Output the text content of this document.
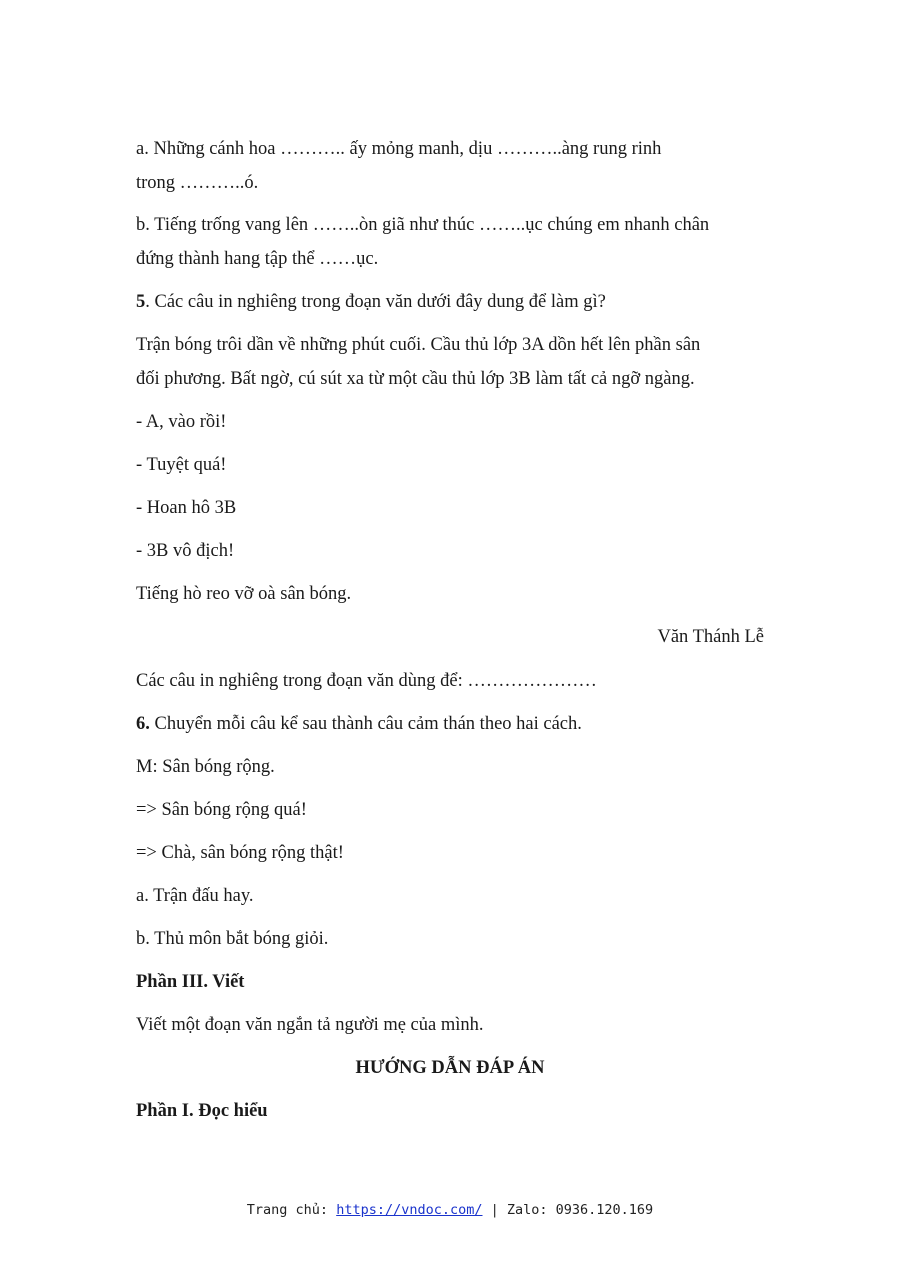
a. Những cánh hoa ……….. ấy mỏng manh, dịu ………..àng rung rinh
trong ………..ó.
b. Tiếng trống vang lên ……..òn giã như thúc ……..ục chúng em nhanh chân
đứng thành hang tập thể ……ục.
5. Các câu in nghiêng trong đoạn văn dưới đây dung để làm gì?
Trận bóng trôi dần về những phút cuối. Cầu thủ lớp 3A dồn hết lên phần sân
đối phương. Bất ngờ, cú sút xa từ một cầu thủ lớp 3B làm tất cả ngỡ ngàng.
- A, vào rồi!
- Tuyệt quá!
- Hoan hô 3B
- 3B vô địch!
Tiếng hò reo vỡ oà sân bóng.
Văn Thánh Lễ
Các câu in nghiêng trong đoạn văn dùng để: …………………
6. Chuyển mỗi câu kể sau thành câu cảm thán theo hai cách.
M: Sân bóng rộng.
=> Sân bóng rộng quá!
=> Chà, sân bóng rộng thật!
a. Trận đấu hay.
b. Thủ môn bắt bóng giỏi.
Phần III. Viết
Viết một đoạn văn ngắn tả người mẹ của mình.
HƯỚNG DẪN ĐÁP ÁN
Phần I. Đọc hiểu
Trang chủ: https://vndoc.com/ | Zalo: 0936.120.169
